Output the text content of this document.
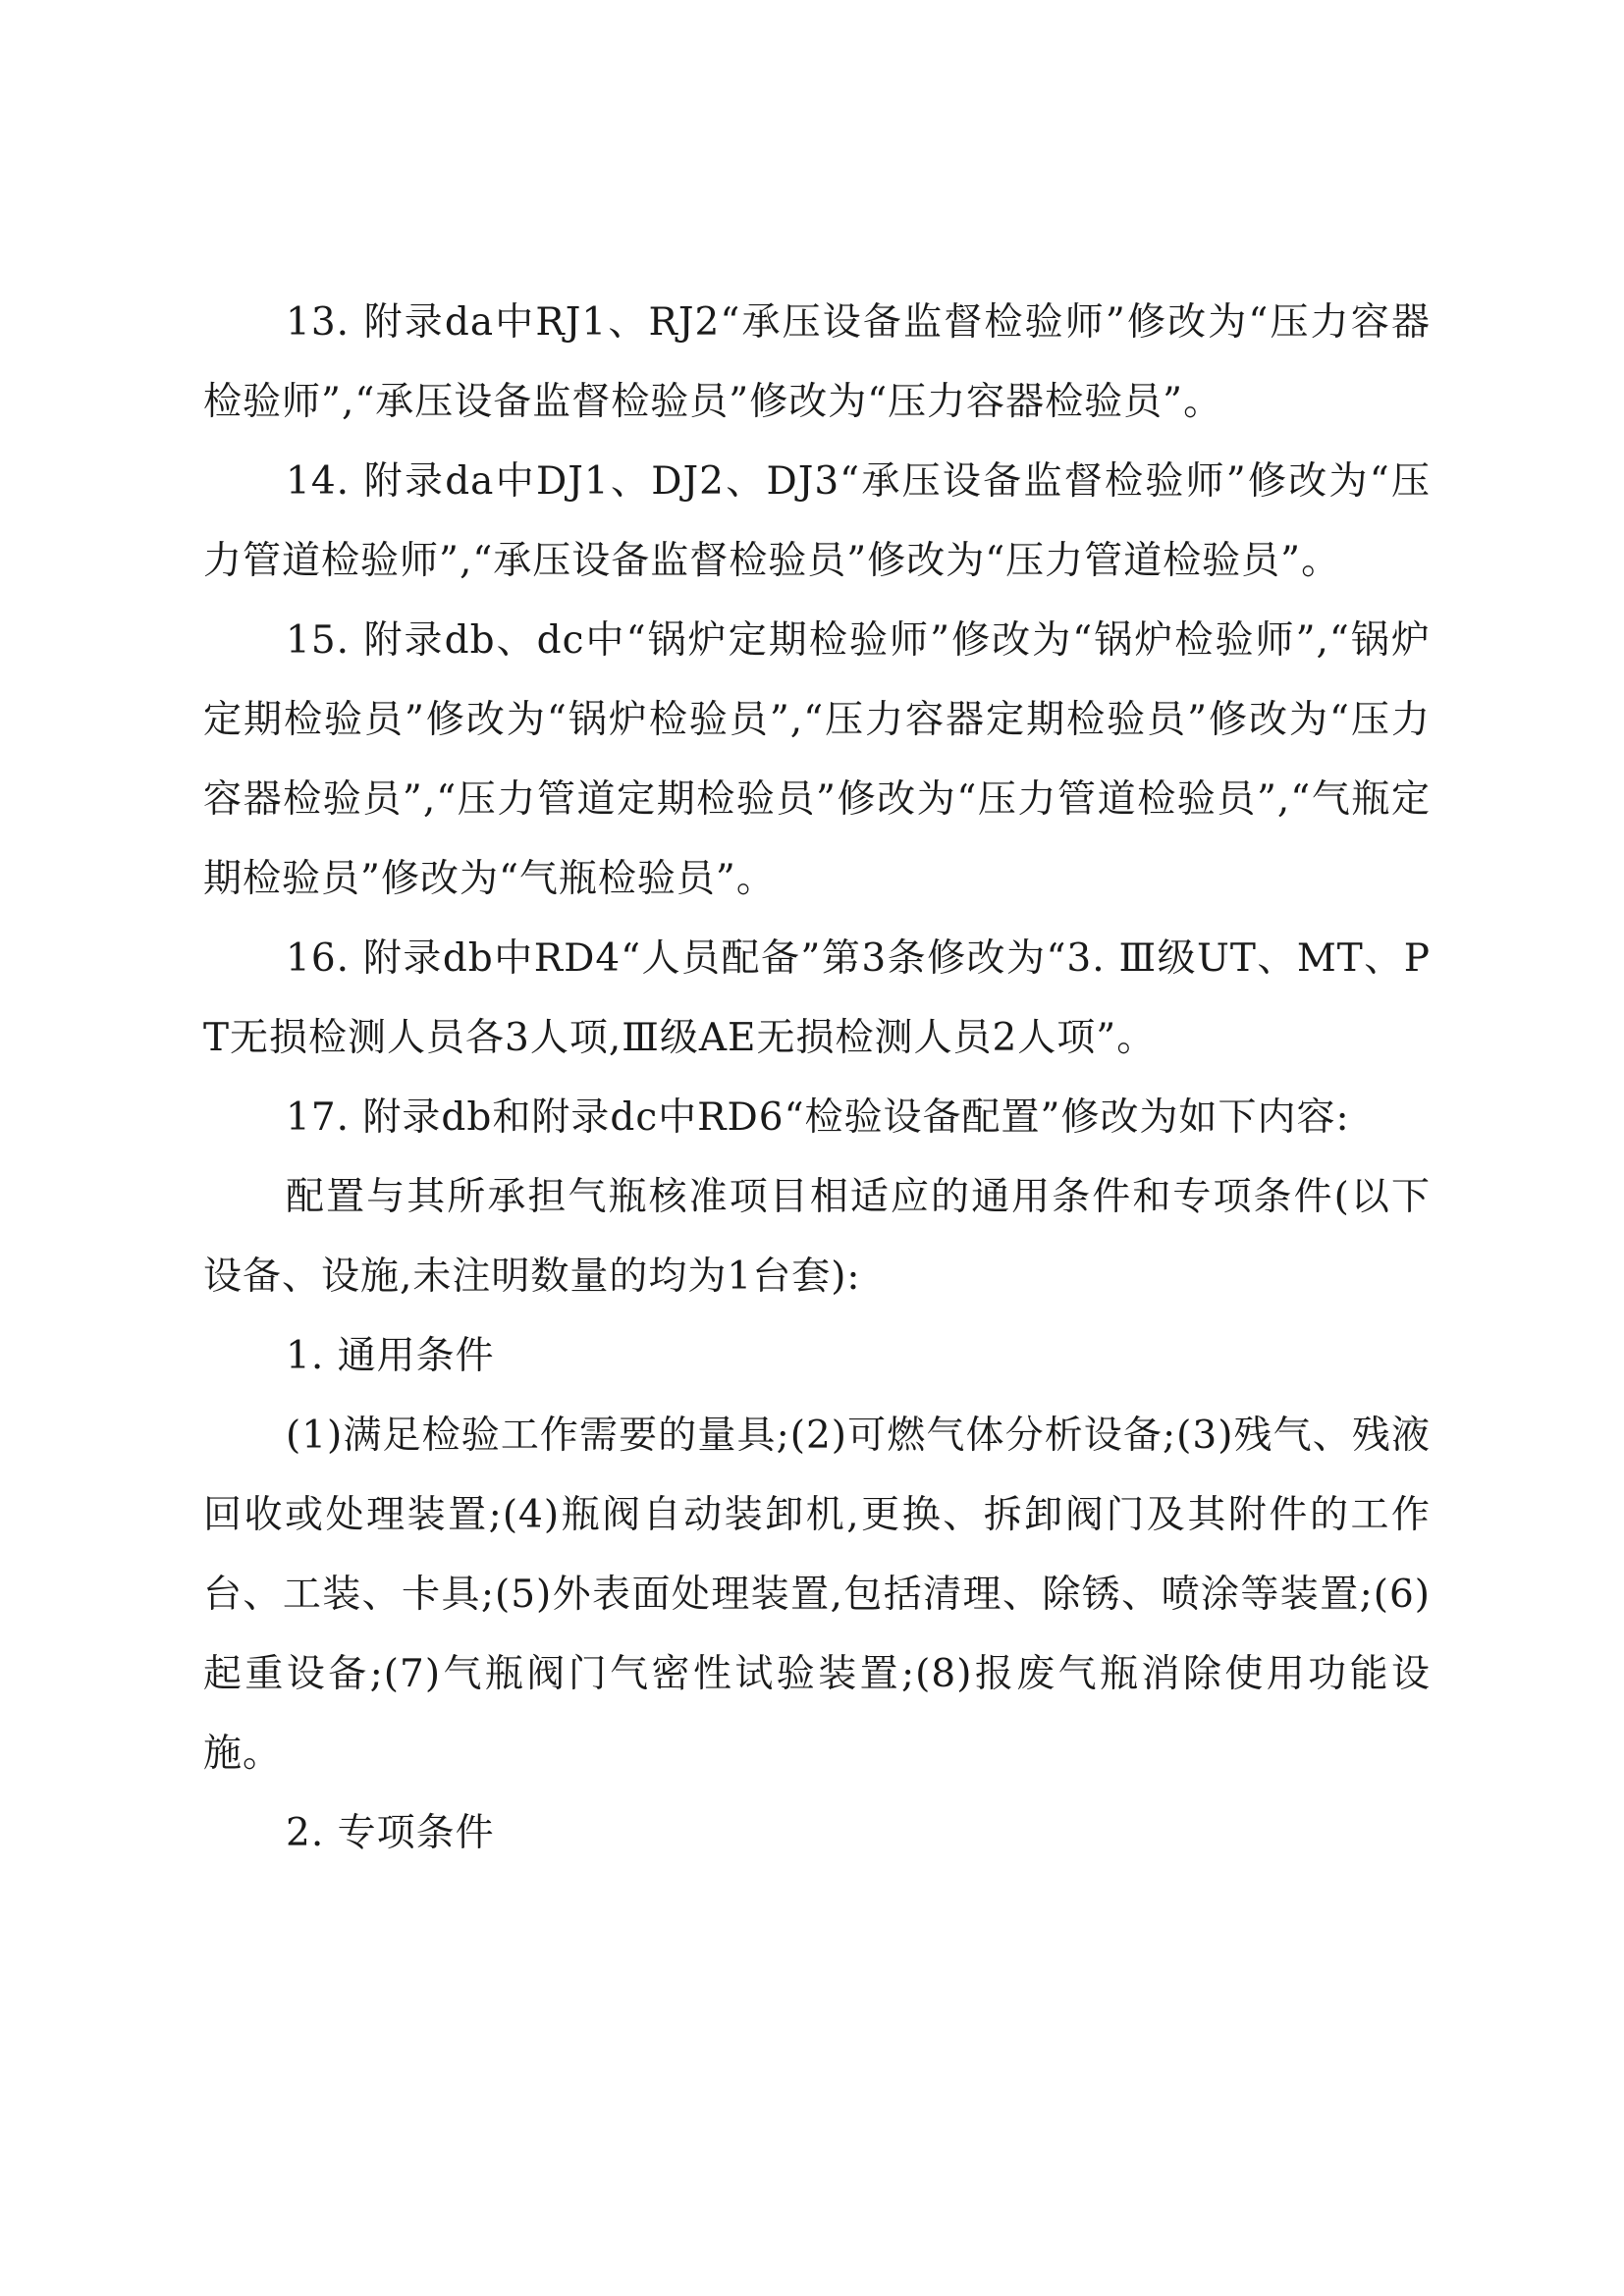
13. 附录da中RJ1、RJ2“承压设备监督检验师”修改为“压力容器检验师”,“承压设备监督检验员”修改为“压力容器检验员”。

14. 附录da中DJ1、DJ2、DJ3“承压设备监督检验师”修改为“压力管道检验师”,“承压设备监督检验员”修改为“压力管道检验员”。

15. 附录db、dc中“锅炉定期检验师”修改为“锅炉检验师”,“锅炉定期检验员”修改为“锅炉检验员”,“压力容器定期检验员”修改为“压力容器检验员”,“压力管道定期检验员”修改为“压力管道检验员”,“气瓶定期检验员”修改为“气瓶检验员”。

16. 附录db中RD4“人员配备”第3条修改为“3. Ⅲ级UT、MT、PT无损检测人员各3人项,Ⅲ级AE无损检测人员2人项”。

17. 附录db和附录dc中RD6“检验设备配置”修改为如下内容:

配置与其所承担气瓶核准项目相适应的通用条件和专项条件(以下设备、设施,未注明数量的均为1台套):

1. 通用条件

(1)满足检验工作需要的量具;(2)可燃气体分析设备;(3)残气、残液回收或处理装置;(4)瓶阀自动装卸机,更换、拆卸阀门及其附件的工作台、工装、卡具;(5)外表面处理装置,包括清理、除锈、喷涂等装置;(6)起重设备;(7)气瓶阀门气密性试验装置;(8)报废气瓶消除使用功能设施。

2. 专项条件
